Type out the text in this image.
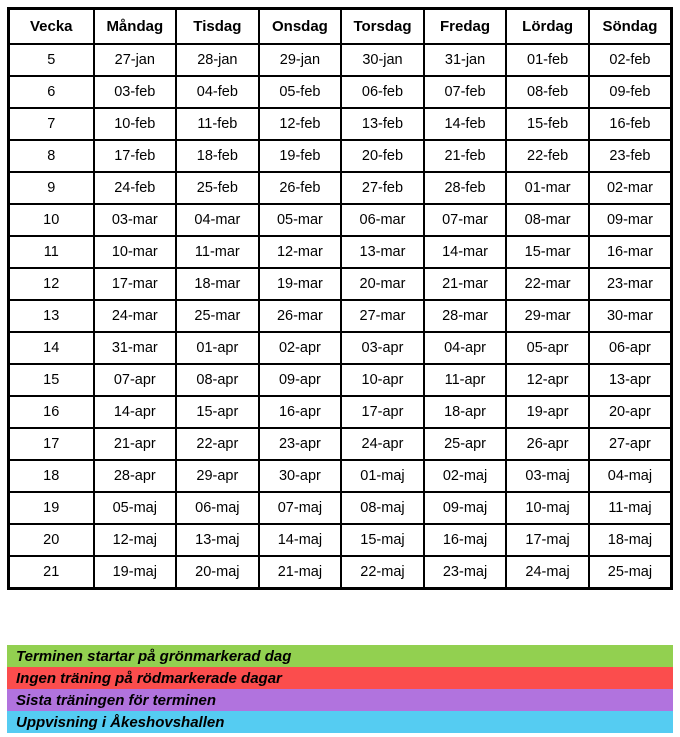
Vecka	Måndag	Tisdag	Onsdag	Torsdag	Fredag	Lördag	Söndag
5	27-jan	28-jan	29-jan	30-jan	31-jan	01-feb	02-feb
6	03-feb	04-feb	05-feb	06-feb	07-feb	08-feb	09-feb
7	10-feb	11-feb	12-feb	13-feb	14-feb	15-feb	16-feb
8	17-feb	18-feb	19-feb	20-feb	21-feb	22-feb	23-feb
9	24-feb	25-feb	26-feb	27-feb	28-feb	01-mar	02-mar
10	03-mar	04-mar	05-mar	06-mar	07-mar	08-mar	09-mar
11	10-mar	11-mar	12-mar	13-mar	14-mar	15-mar	16-mar
12	17-mar	18-mar	19-mar	20-mar	21-mar	22-mar	23-mar
13	24-mar	25-mar	26-mar	27-mar	28-mar	29-mar	30-mar
14	31-mar	01-apr	02-apr	03-apr	04-apr	05-apr	06-apr
15	07-apr	08-apr	09-apr	10-apr	11-apr	12-apr	13-apr
16	14-apr	15-apr	16-apr	17-apr	18-apr	19-apr	20-apr
17	21-apr	22-apr	23-apr	24-apr	25-apr	26-apr	27-apr
18	28-apr	29-apr	30-apr	01-maj	02-maj	03-maj	04-maj
19	05-maj	06-maj	07-maj	08-maj	09-maj	10-maj	11-maj
20	12-maj	13-maj	14-maj	15-maj	16-maj	17-maj	18-maj
21	19-maj	20-maj	21-maj	22-maj	23-maj	24-maj	25-maj
Terminen startar på grönmarkerad dag
Ingen träning på rödmarkerade dagar
Sista träningen för terminen
Uppvisning i Åkeshovshallen
